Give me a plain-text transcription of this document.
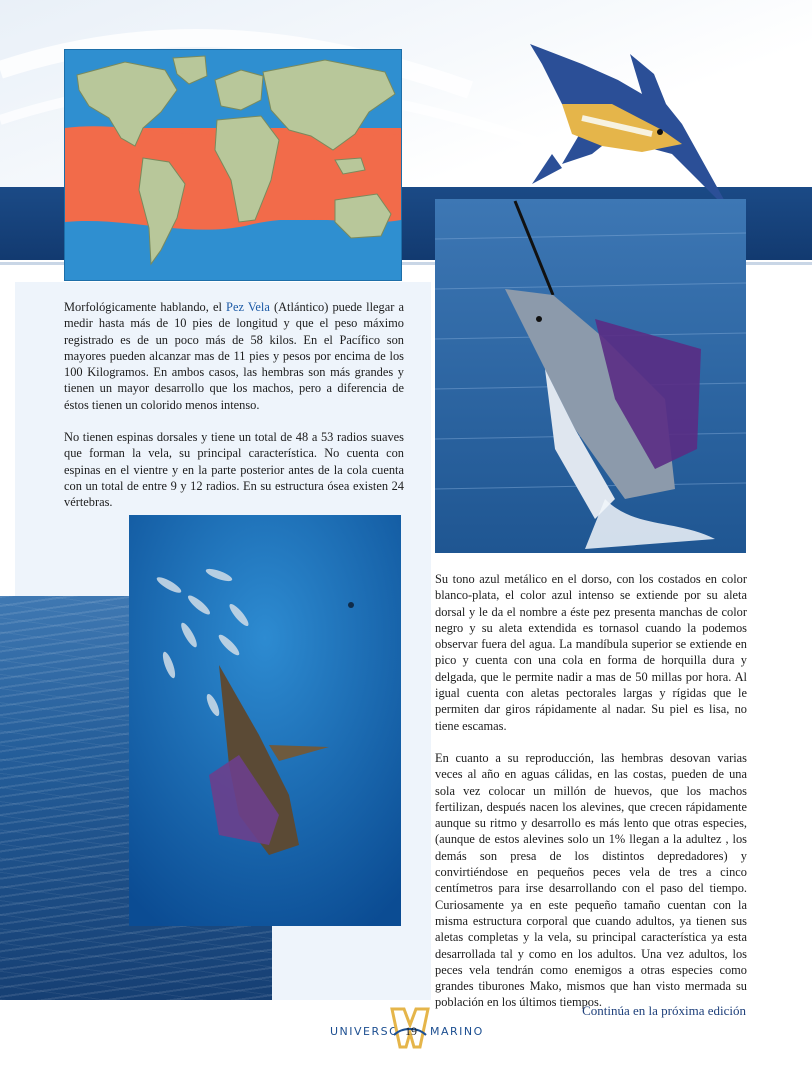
Morfológicamente hablando, el Pez Vela (Atlántico) puede llegar a medir hasta más de 10 pies de longitud y que el peso máximo registrado es de un poco más de 58 kilos. En el Pacífico son mayores pueden alcanzar mas de 11 pies y pesos por encima de los 100 Kilogramos. En ambos casos, las hembras son más grandes y tienen un mayor desarrollo que los machos, pero a diferencia de éstos tienen un colorido menos intenso.

No tienen espinas dorsales y tiene un total de 48 a 53 radios suaves que forman la vela, su principal característica. No cuenta con espinas en el vientre y en la parte posterior antes de la cola cuenta con un total de entre 9 y 12 radios. En su estructura ósea existen 24 vértebras.

Su tono azul metálico en el dorso, con los costados en color blanco-plata, el color azul intenso se extiende por su aleta dorsal y le da el nombre a éste pez presenta manchas de color negro y su aleta extendida es tornasol cuando la podemos observar fuera del agua. La mandíbula superior se extiende en pico y cuenta con una cola en forma de horquilla dura y delgada, que le permite nadir a mas de 50 millas por hora. Al igual cuenta con aletas pectorales largas y rígidas que le permiten dar giros rápidamente al nadar. Su piel es lisa, no tiene escamas.

En cuanto a su reproducción, las hembras desovan varias veces al año en aguas cálidas, en las costas, pueden de una sola vez colocar un millón de huevos, que los machos fertilizan, después nacen los alevines, que crecen rápidamente aunque su ritmo y desarrollo es más lento que otras especies, (aunque de estos alevines solo un 1% llegan a la adultez , los demás son presa de los distintos depredadores) y convirtiéndose en pequeños peces vela de tres a cinco centímetros para irse desarrollando con el paso del tiempo. Curiosamente ya en este pequeño tamaño cuentan con la misma estructura corporal que cuando adultos, ya tienen sus aletas completas y la vela, su principal característica ya esta desarrollada tal y como en los adultos. Una vez adultos, los peces vela tendrán como enemigos a otras especies como grandes tiburones Mako, mismos que han visto mermada su población en los últimos tiempos.

Continúa en la próxima edición
UNIVERSO 19	MARINO
